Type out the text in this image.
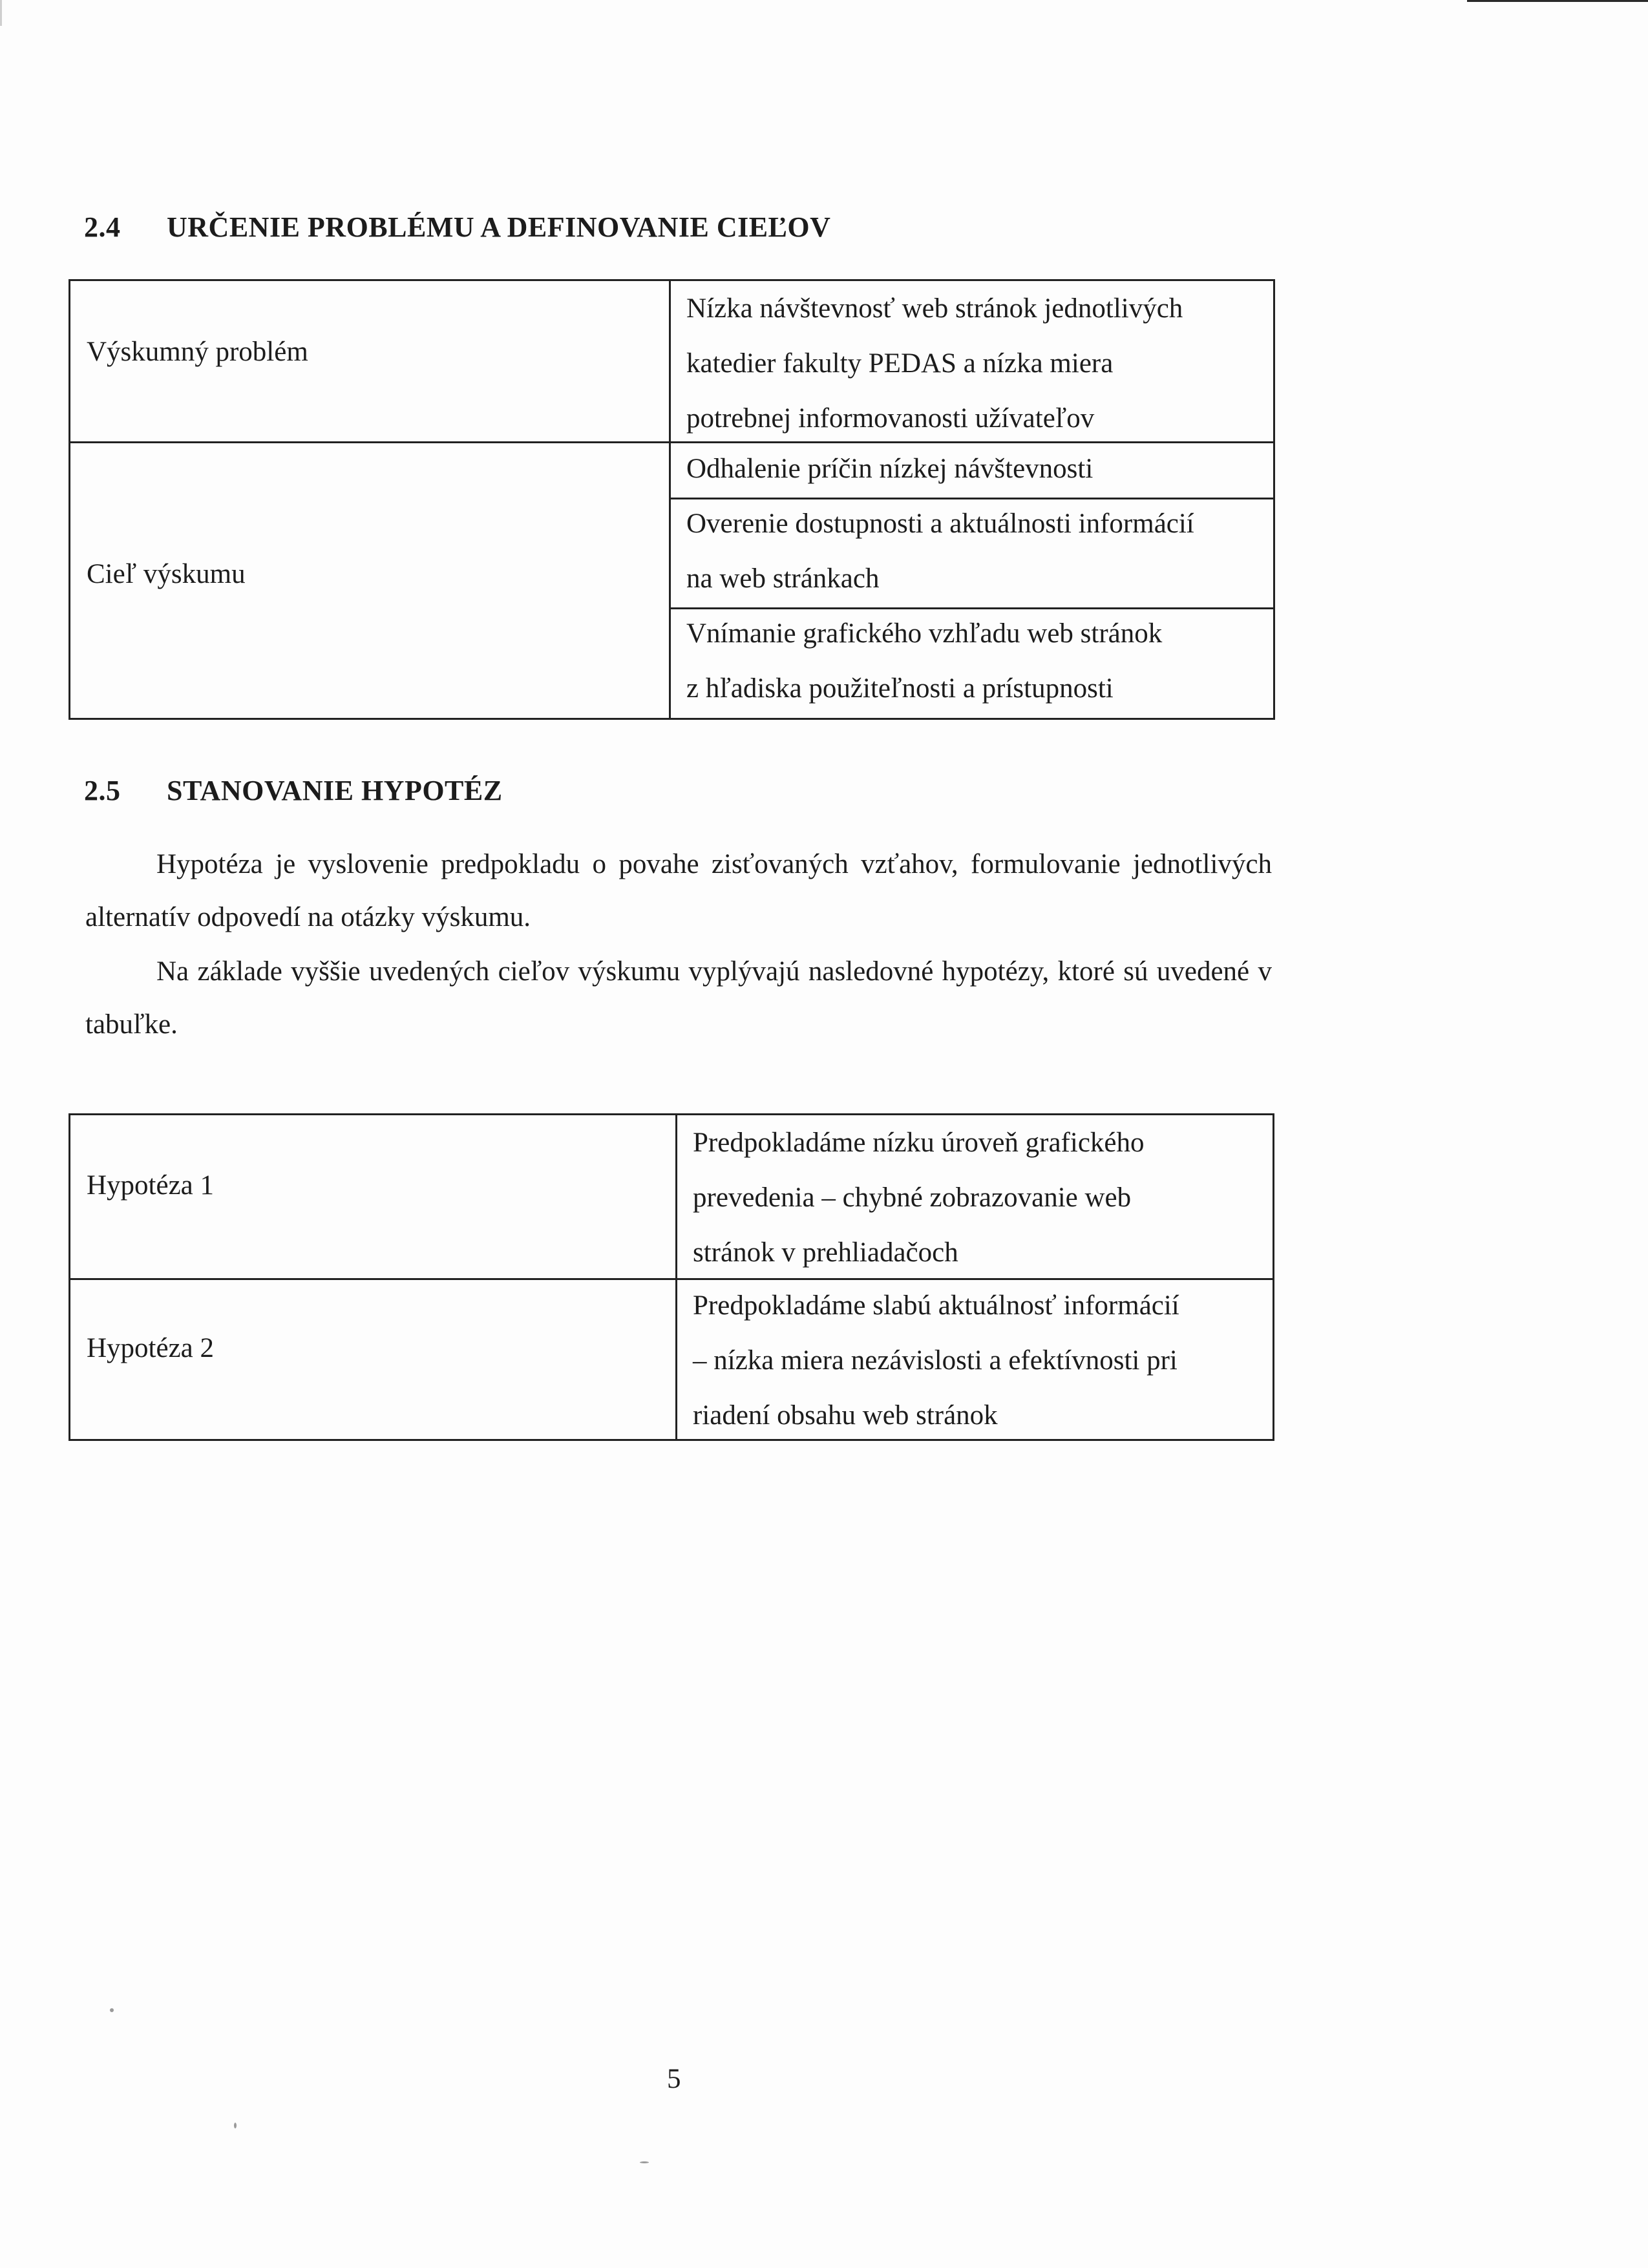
2.4 URČENIE PROBLÉMU A DEFINOVANIE CIEĽOV
Výskumný problém
Nízka návštevnosť web stránok jednotlivých
katedier fakulty PEDAS a nízka miera
potrebnej informovanosti užívateľov
Cieľ výskumu
Odhalenie príčin nízkej návštevnosti
Overenie dostupnosti a aktuálnosti informácií
na web stránkach
Vnímanie grafického vzhľadu web stránok
z hľadiska použiteľnosti a prístupnosti
2.5 STANOVANIE HYPOTÉZ
Hypotéza je vyslovenie predpokladu o povahe zisťovaných vzťahov, formulovanie jednotlivých alternatív odpovedí na otázky výskumu.
Na základe vyššie uvedených cieľov výskumu vyplývajú nasledovné hypotézy, ktoré sú uvedené v tabuľke.
Hypotéza 1
Predpokladáme nízku úroveň grafického
prevedenia – chybné zobrazovanie web
stránok v prehliadačoch
Hypotéza 2
Predpokladáme slabú aktuálnosť informácií
– nízka miera nezávislosti a efektívnosti pri
riadení obsahu web stránok
5
